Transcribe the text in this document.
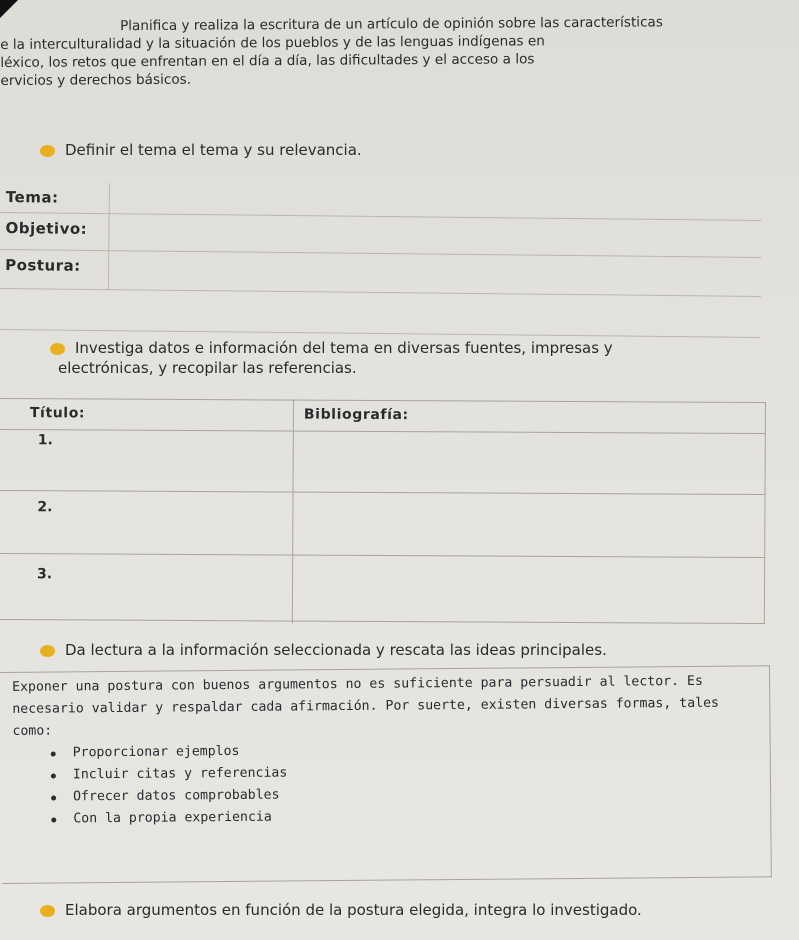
Planifica y realiza la escritura de un artículo de opinión sobre las características
e la interculturalidad y la situación de los pueblos y de las lenguas indígenas en
léxico, los retos que enfrentan en el día a día, las dificultades y el acceso a los
ervicios y derechos básicos.
Definir el tema el tema y su relevancia.
Tema:
Objetivo:
Postura:
Investiga datos e información del tema en diversas fuentes, impresas y
electrónicas, y recopilar las referencias.
Título:	Bibliografía:
1.
2.
3.
Da lectura a la información seleccionada y rescata las ideas principales.
Exponer una postura con buenos argumentos no es suficiente para persuadir al lector. Es necesario validar y respaldar cada afirmación. Por suerte, existen diversas formas, tales como:
Proporcionar ejemplos
Incluir citas y referencias
Ofrecer datos comprobables
Con la propia experiencia
Elabora argumentos en función de la postura elegida, integra lo investigado.
